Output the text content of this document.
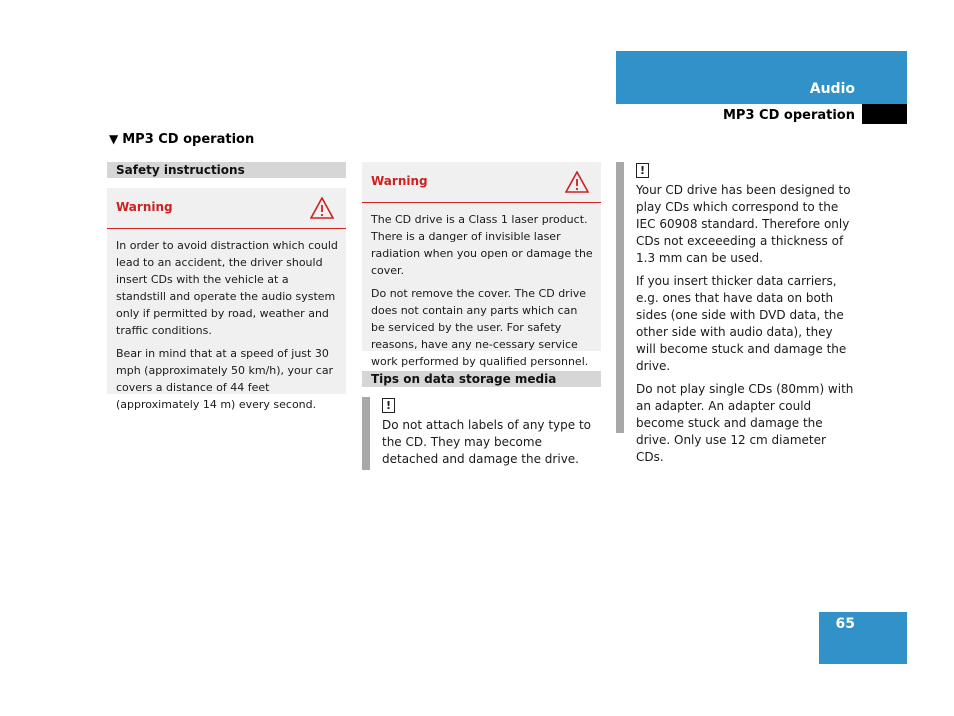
Audio
MP3 CD operation
▼ MP3 CD operation
Safety instructions
Warning

In order to avoid distraction which could lead to an accident, the driver should insert CDs with the vehicle at a standstill and operate the audio system only if permitted by road, weather and traffic conditions.

Bear in mind that at a speed of just 30 mph (approximately 50 km/h), your car covers a distance of 44 feet (approximately 14 m) every second.

Warning

The CD drive is a Class 1 laser product. There is a danger of invisible laser radiation when you open or damage the cover.

Do not remove the cover. The CD drive does not contain any parts which can be serviced by the user. For safety reasons, have any ne-cessary service work performed by qualified personnel.

Tips on data storage media
!

Do not attach labels of any type to the CD. They may become detached and damage the drive.

!

Your CD drive has been designed to play CDs which correspond to the IEC 60908 standard. Therefore only CDs not exceeeding a thickness of 1.3 mm can be used.

If you insert thicker data carriers, e.g. ones that have data on both sides (one side with DVD data, the other side with audio data), they will become stuck and damage the drive.

Do not play single CDs (80mm) with an adapter. An adapter could become stuck and damage the drive. Only use 12 cm diameter CDs.

65
